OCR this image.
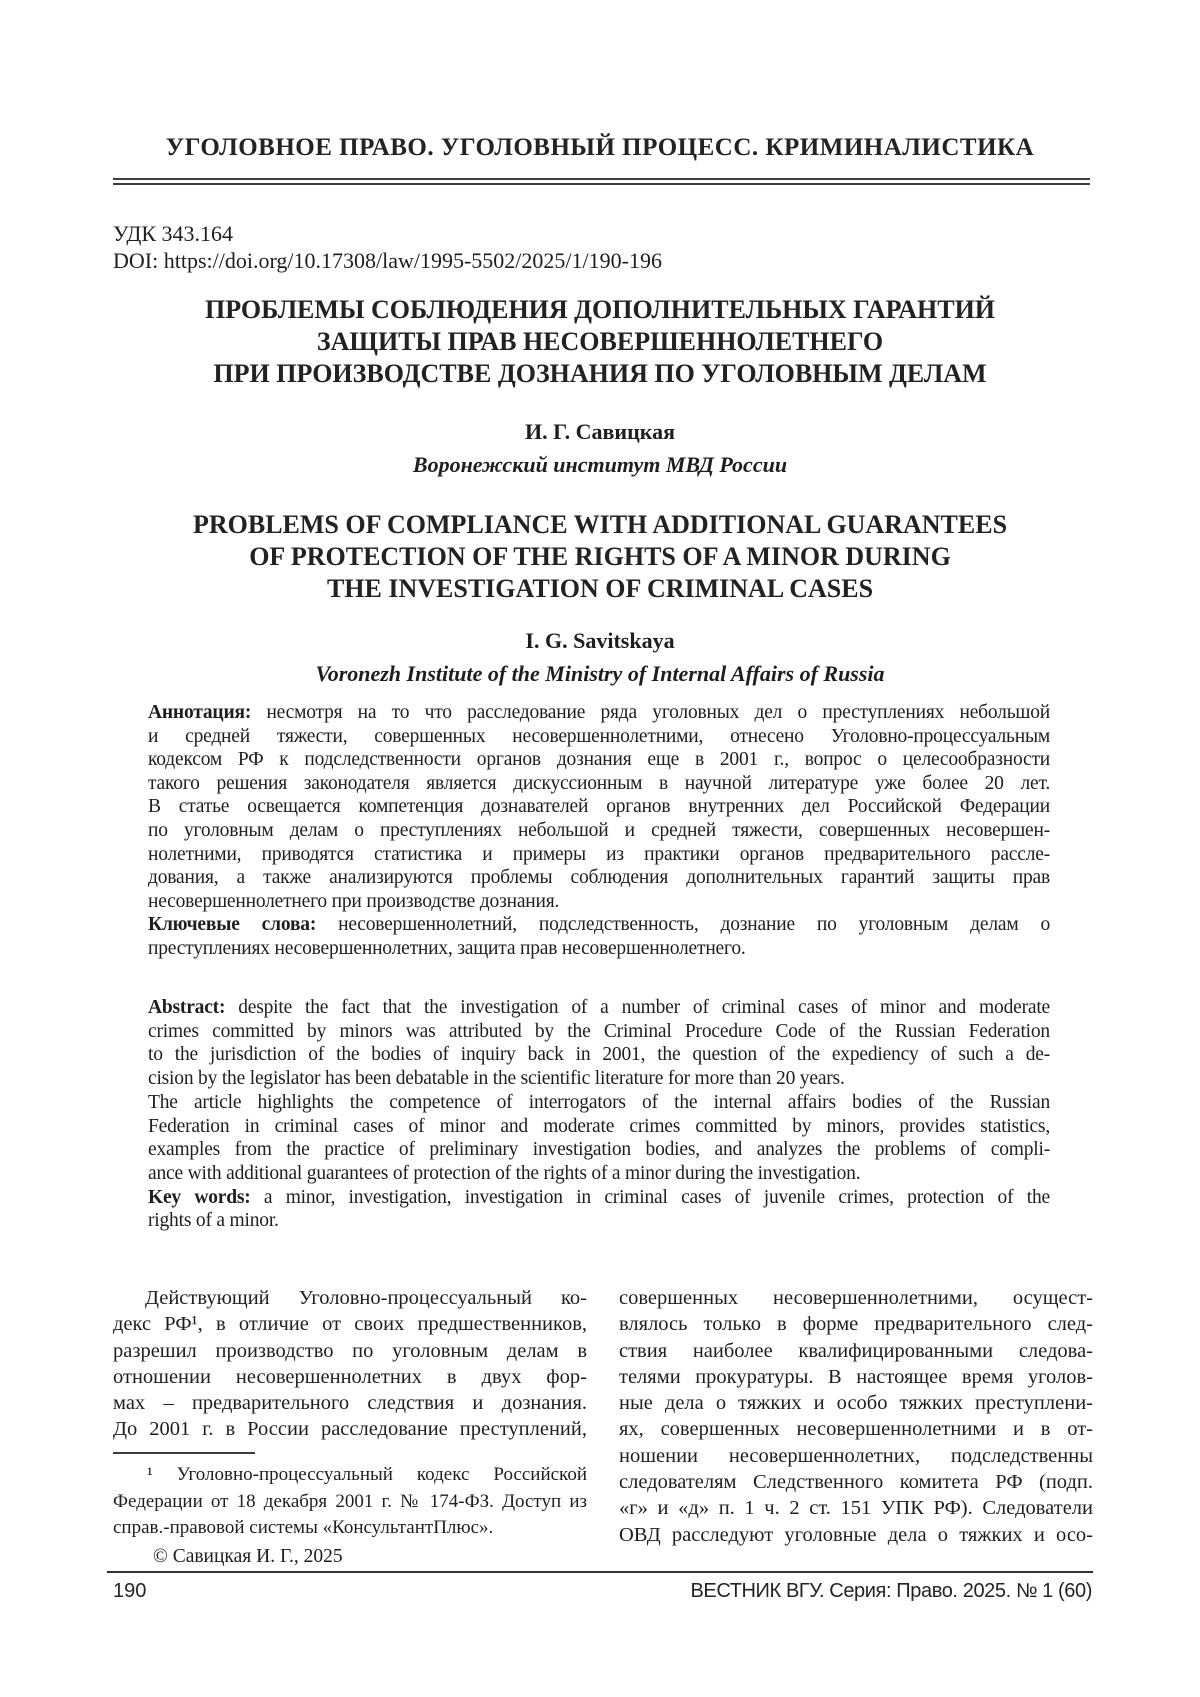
УГОЛОВНОЕ ПРАВО. УГОЛОВНЫЙ ПРОЦЕСС. КРИМИНАЛИСТИКА
УДК 343.164
DOI: https://doi.org/10.17308/law/1995-5502/2025/1/190-196
ПРОБЛЕМЫ СОБЛЮДЕНИЯ ДОПОЛНИТЕЛЬНЫХ ГАРАНТИЙ
ЗАЩИТЫ ПРАВ НЕСОВЕРШЕННОЛЕТНЕГО
ПРИ ПРОИЗВОДСТВЕ ДОЗНАНИЯ ПО УГОЛОВНЫМ ДЕЛАМ
И. Г. Савицкая
Воронежский институт МВД России
PROBLEMS OF COMPLIANCE WITH ADDITIONAL GUARANTEES
OF PROTECTION OF THE RIGHTS OF A MINOR DURING
THE INVESTIGATION OF CRIMINAL CASES
I. G. Savitskaya
Voronezh Institute of the Ministry of Internal Affairs of Russia
Аннотация: несмотря на то что расследование ряда уголовных дел о преступлениях небольшой
и средней тяжести, совершенных несовершеннолетними, отнесено Уголовно-процессуальным
кодексом РФ к подследственности органов дознания еще в 2001 г., вопрос о целесообразности
такого решения законодателя является дискуссионным в научной литературе уже более 20 лет.
В статье освещается компетенция дознавателей органов внутренних дел Российской Федерации
по уголовным делам о преступлениях небольшой и средней тяжести, совершенных несовершен-
нолетними, приводятся статистика и примеры из практики органов предварительного рассле-
дования, а также анализируются проблемы соблюдения дополнительных гарантий защиты прав
несовершеннолетнего при производстве дознания.
Ключевые слова: несовершеннолетний, подследственность, дознание по уголовным делам о
преступлениях несовершеннолетних, защита прав несовершеннолетнего.
Abstract: despite the fact that the investigation of a number of criminal cases of minor and moderate
crimes committed by minors was attributed by the Criminal Procedure Code of the Russian Federation
to the jurisdiction of the bodies of inquiry back in 2001, the question of the expediency of such a de-
cision by the legislator has been debatable in the scientific literature for more than 20 years.
The article highlights the competence of interrogators of the internal affairs bodies of the Russian
Federation in criminal cases of minor and moderate crimes committed by minors, provides statistics,
examples from the practice of preliminary investigation bodies, and analyzes the problems of compli-
ance with additional guarantees of protection of the rights of a minor during the investigation.
Key words: a minor, investigation, investigation in criminal cases of juvenile crimes, protection of the
rights of a minor.
Действующий Уголовно-процессуальный ко-
декс РФ¹, в отличие от своих предшественников,
разрешил производство по уголовным делам в
отношении несовершеннолетних в двух фор-
мах – предварительного следствия и дознания.
До 2001 г. в России расследование преступлений,
¹ Уголовно-процессуальный кодекс Российской
Федерации от 18 декабря 2001 г. № 174-ФЗ. Доступ из
справ.-правовой системы «КонсультантПлюс».
© Савицкая И. Г., 2025
совершенных несовершеннолетними, осущест-
влялось только в форме предварительного след-
ствия наиболее квалифицированными следова-
телями прокуратуры. В настоящее время уголов-
ные дела о тяжких и особо тяжких преступлени-
ях, совершенных несовершеннолетними и в от-
ношении несовершеннолетних, подследственны
следователям Следственного комитета РФ (подп.
«г» и «д» п. 1 ч. 2 ст. 151 УПК РФ). Следователи
ОВД расследуют уголовные дела о тяжких и осо-
190	ВЕСТНИК ВГУ. Серия: Право. 2025. № 1 (60)
